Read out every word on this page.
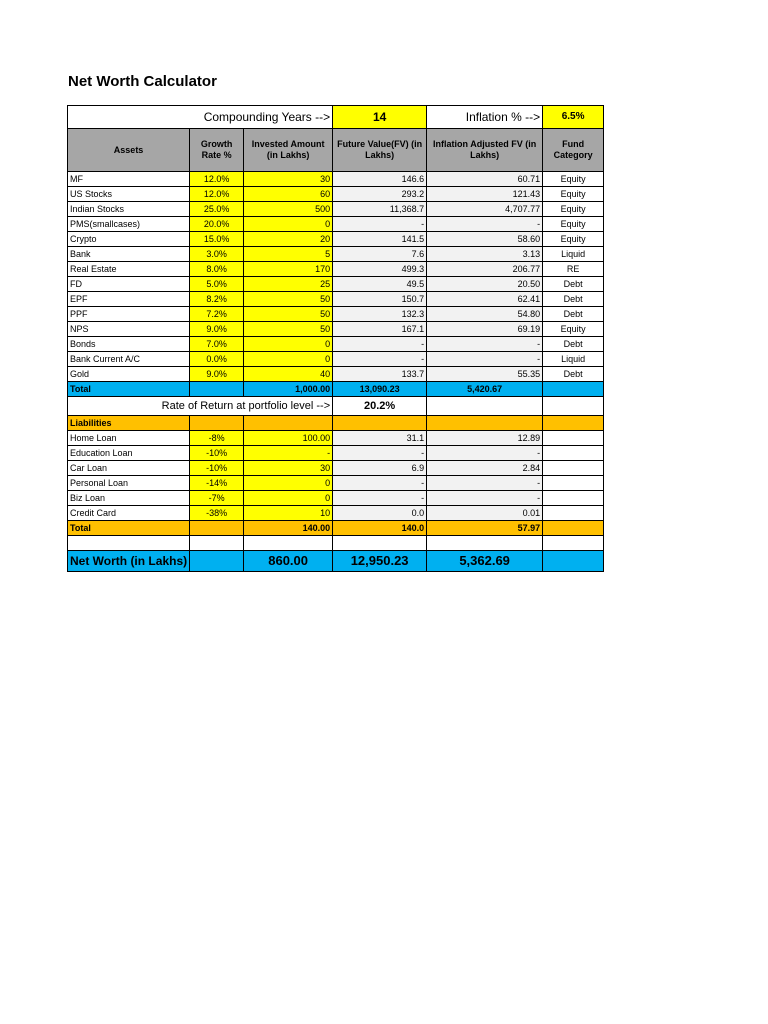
Net Worth Calculator
Compounding Years -->			14	Inflation % -->	6.5%
Assets	Growth Rate %	Invested Amount (in Lakhs)	Future Value(FV) (in Lakhs)	Inflation Adjusted FV (in Lakhs)	Fund Category
MF	12.0%	30	146.6	60.71	Equity
US Stocks	12.0%	60	293.2	121.43	Equity
Indian Stocks	25.0%	500	11,368.7	4,707.77	Equity
PMS(smallcases)	20.0%	0	-	-	Equity
Crypto	15.0%	20	141.5	58.60	Equity
Bank	3.0%	5	7.6	3.13	Liquid
Real Estate	8.0%	170	499.3	206.77	RE
FD	5.0%	25	49.5	20.50	Debt
EPF	8.2%	50	150.7	62.41	Debt
PPF	7.2%	50	132.3	54.80	Debt
NPS	9.0%	50	167.1	69.19	Equity
Bonds	7.0%	0	-	-	Debt
Bank Current A/C	0.0%	0	-	-	Liquid
Gold	9.0%	40	133.7	55.35	Debt
Total		1,000.00	13,090.23	5,420.67	
Rate of Return at portfolio level -->			20.2%		
Liabilities					
Home Loan	-8%	100.00	31.1	12.89	
Education Loan	-10%	-	-	-	
Car Loan	-10%	30	6.9	2.84	
Personal Loan	-14%	0	-	-	
Biz Loan	-7%	0	-	-	
Credit Card	-38%	10	0.0	0.01	
Total		140.00	140.0	57.97	

Net Worth (in Lakhs)		860.00	12,950.23	5,362.69	
